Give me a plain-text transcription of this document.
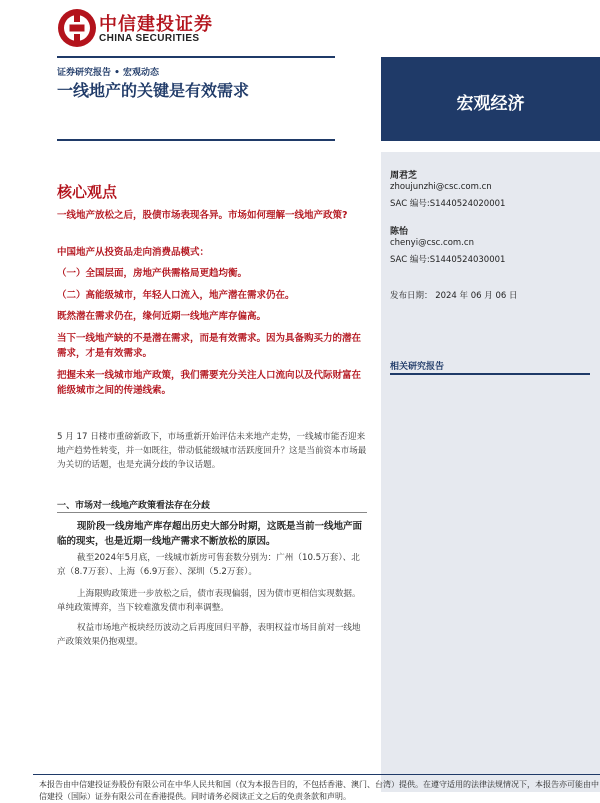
中信建投证券
CHINA SECURITIES
证券研究报告 • 宏观动态
一线地产的关键是有效需求
宏观经济
周君芝
zhoujunzhi@csc.com.cn
SAC 编号:S1440524020001
陈怡
chenyi@csc.com.cn
SAC 编号:S1440524030001
发布日期： 2024 年 06 月 06 日
相关研究报告
核心观点
一线地产放松之后，股债市场表现各异。市场如何理解一线地产政策?
中国地产从投资品走向消费品模式：
（一）全国层面，房地产供需格局更趋均衡。
（二）高能级城市，年轻人口流入，地产潜在需求仍在。
既然潜在需求仍在，缘何近期一线地产库存偏高。
当下一线地产缺的不是潜在需求，而是有效需求。因为具备购买力的潜在需求，才是有效需求。
把握未来一线城市地产政策，我们需要充分关注人口流向以及代际财富在能级城市之间的传递线索。
5 月 17 日楼市重磅新政下，市场重新开始评估未来地产走势，一线城市能否迎来地产趋势性转变，并一如既往，带动低能级城市活跃度回升？这是当前资本市场最为关切的话题，也是充满分歧的争议话题。
一、市场对一线地产政策看法存在分歧
现阶段一线房地产库存超出历史大部分时期，这既是当前一线地产面临的现实，也是近期一线地产需求不断放松的原因。
截至2024年5月底，一线城市新房可售套数分别为：广州（10.5万套）、北京（8.7万套）、上海（6.9万套）、深圳（5.2万套）。
上海限购政策进一步放松之后，债市表现偏弱，因为债市更相信实现数据。单纯政策博弈，当下较难激发债市利率调整。
权益市场地产板块经历波动之后再度回归平静，表明权益市场目前对一线地产政策效果仍抱观望。
本报告由中信建投证券股份有限公司在中华人民共和国（仅为本报告目的，不包括香港、澳门、台湾）提供。在遵守适用的法律法规情况下，本报告亦可能由中信建投（国际）证券有限公司在香港提供。同时请务必阅读正文之后的免责条款和声明。
